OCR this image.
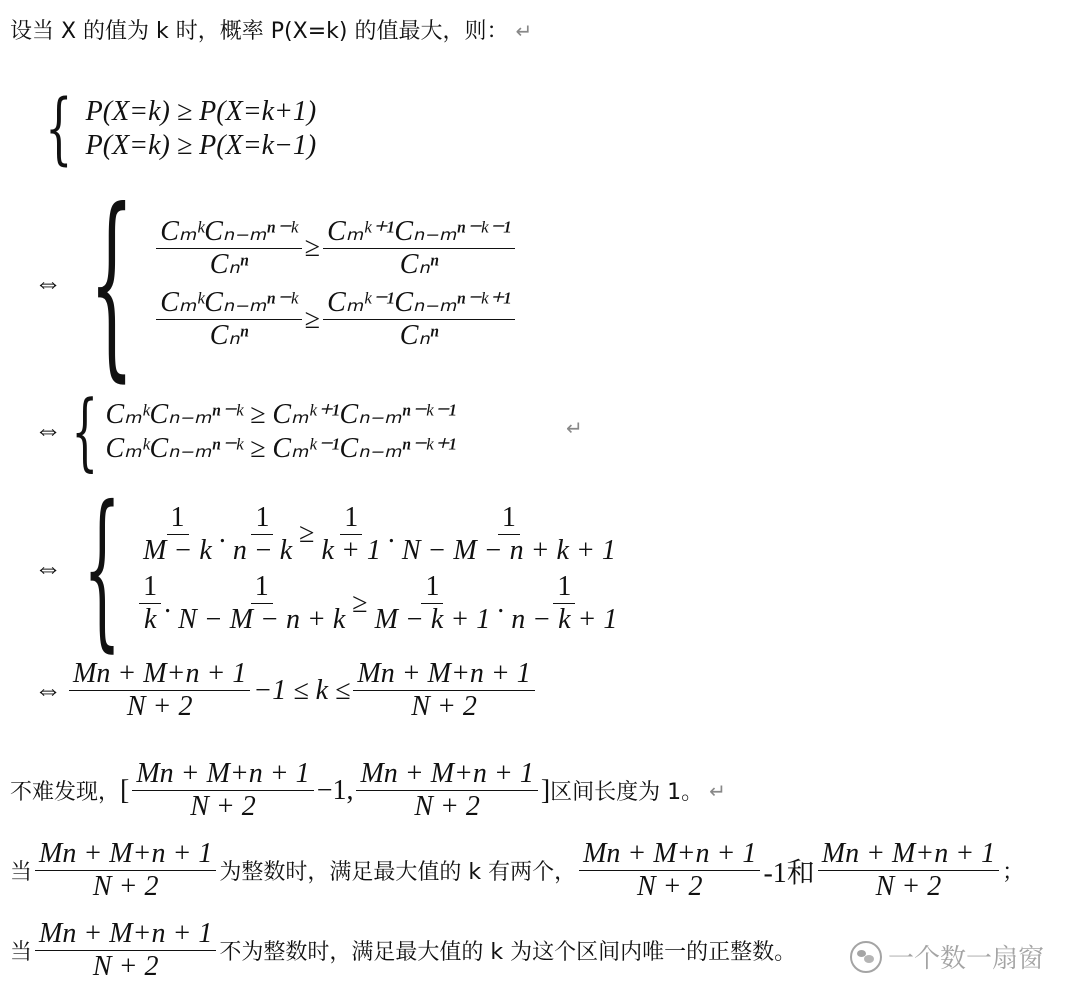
设当 X 的值为 k 时，概率 P(X=k) 的值最大，则： ↵
{ P(X=k) ≥ P(X=k+1)
P(X=k) ≥ P(X=k−1)
⇔ { $\frac{\text{CₘᵏCₙ₋ₘⁿ⁻ᵏ}}{\text{Cₙⁿ}} \ge \frac{\text{Cₘᵏ⁺¹Cₙ₋ₘⁿ⁻ᵏ⁻¹}}{\text{Cₙⁿ}}$
$\frac{\text{CₘᵏCₙ₋ₘⁿ⁻ᵏ}}{\text{Cₙⁿ}} \ge \frac{\text{Cₘᵏ⁻¹Cₙ₋ₘⁿ⁻ᵏ⁺¹}}{\text{Cₙⁿ}}$
⇔ { CₘᵏCₙ₋ₘⁿ⁻ᵏ ≥ Cₘᵏ⁺¹Cₙ₋ₘⁿ⁻ᵏ⁻¹
CₘᵏCₙ₋ₘⁿ⁻ᵏ ≥ Cₘᵏ⁻¹Cₙ₋ₘⁿ⁻ᵏ⁺¹
↵
⇔ { $\frac{1}{M - k}$ . $\frac{1}{n - k} \ge \frac{1}{k + 1}$ . $\frac{1}{N - M - n + k + 1}$
$\frac{1}{k}$ . $\frac{1}{N - M - n + k} \ge \frac{1}{M - k + 1}$ . $\frac{1}{n - k + 1}$
⇔ $\frac{Mn + M+n + 1}{N + 2} -1 \le k \le \frac{Mn + M+n + 1}{N + 2}$
不难发现， [ $\frac{Mn + M+n + 1}{N + 2} -1$, $\frac{Mn + M+n + 1}{N + 2}$ ] 区间长度为 1。 ↵
当 $\frac{Mn + M+n + 1}{N + 2}$ 为整数时，满足最大值的 k 有两个， $\frac{Mn + M+n + 1}{N + 2} -1$和 $\frac{Mn + M+n + 1}{N + 2}$ ；
当 $\frac{Mn + M+n + 1}{N + 2}$ 不为整数时，满足最大值的 k 为这个区间内唯一的正整数。	一个数一扇窗
